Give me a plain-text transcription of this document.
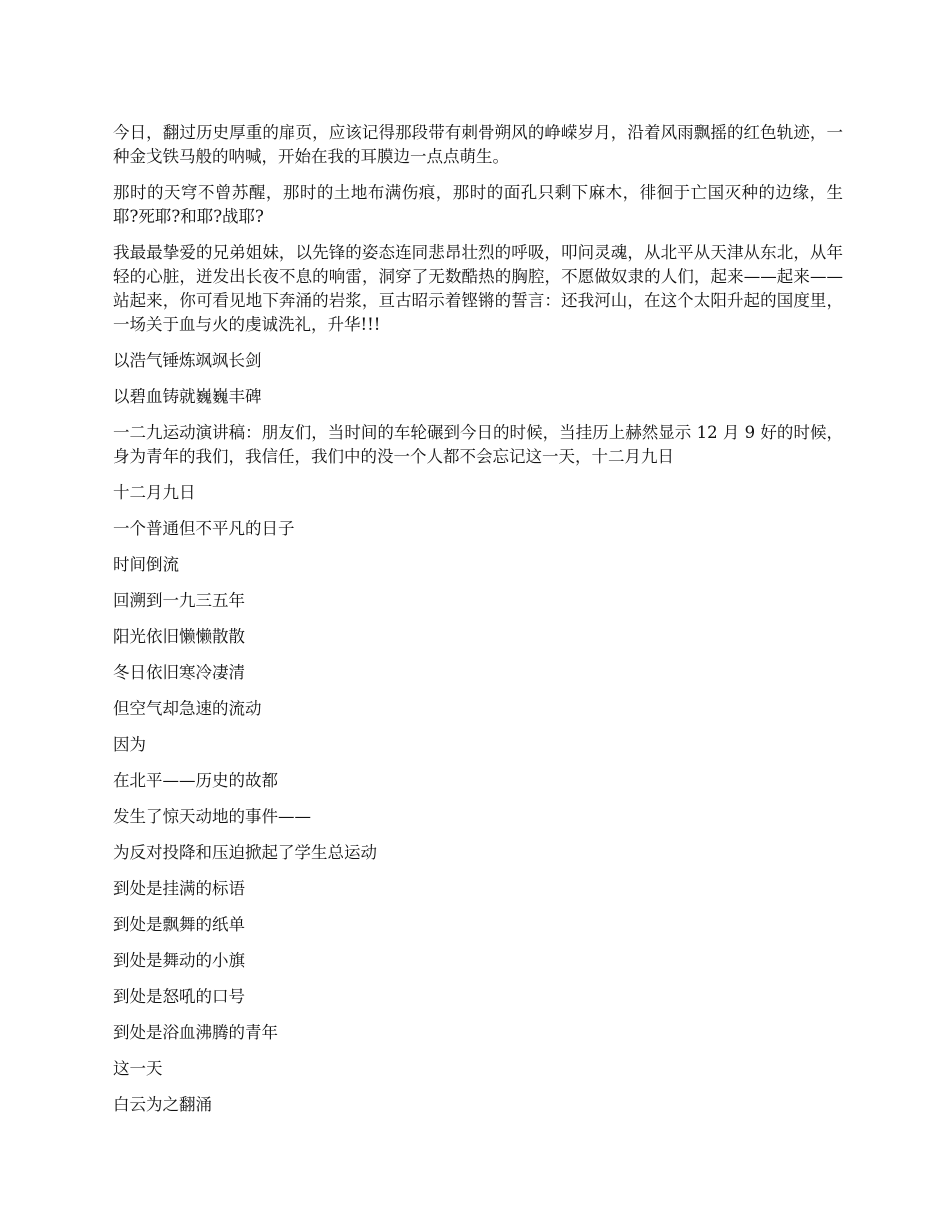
今日，翻过历史厚重的扉页，应该记得那段带有刺骨朔风的峥嵘岁月，沿着风雨飘摇的红色轨迹，一种金戈铁马般的呐喊，开始在我的耳膜边一点点萌生。

那时的天穹不曾苏醒，那时的土地布满伤痕，那时的面孔只剩下麻木，徘徊于亡国灭种的边缘，生耶?死耶?和耶?战耶?

我最最挚爱的兄弟姐妹，以先锋的姿态连同悲昂壮烈的呼吸，叩问灵魂，从北平从天津从东北，从年轻的心脏，迸发出长夜不息的响雷，洞穿了无数酷热的胸腔，不愿做奴隶的人们，起来——起来——站起来，你可看见地下奔涌的岩浆，亘古昭示着铿锵的誓言：还我河山，在这个太阳升起的国度里，一场关于血与火的虔诚洗礼，升华!!!

以浩气锤炼飒飒长剑

以碧血铸就巍巍丰碑

一二九运动演讲稿：朋友们，当时间的车轮碾到今日的时候，当挂历上赫然显示 12 月 9 好的时候，身为青年的我们，我信任，我们中的没一个人都不会忘记这一天，十二月九日

十二月九日

一个普通但不平凡的日子

时间倒流

回溯到一九三五年

阳光依旧懒懒散散

冬日依旧寒冷凄清

但空气却急速的流动

因为

在北平——历史的故都

发生了惊天动地的事件——

为反对投降和压迫掀起了学生总运动

到处是挂满的标语

到处是飘舞的纸单

到处是舞动的小旗

到处是怒吼的口号

到处是浴血沸腾的青年

这一天

白云为之翻涌
